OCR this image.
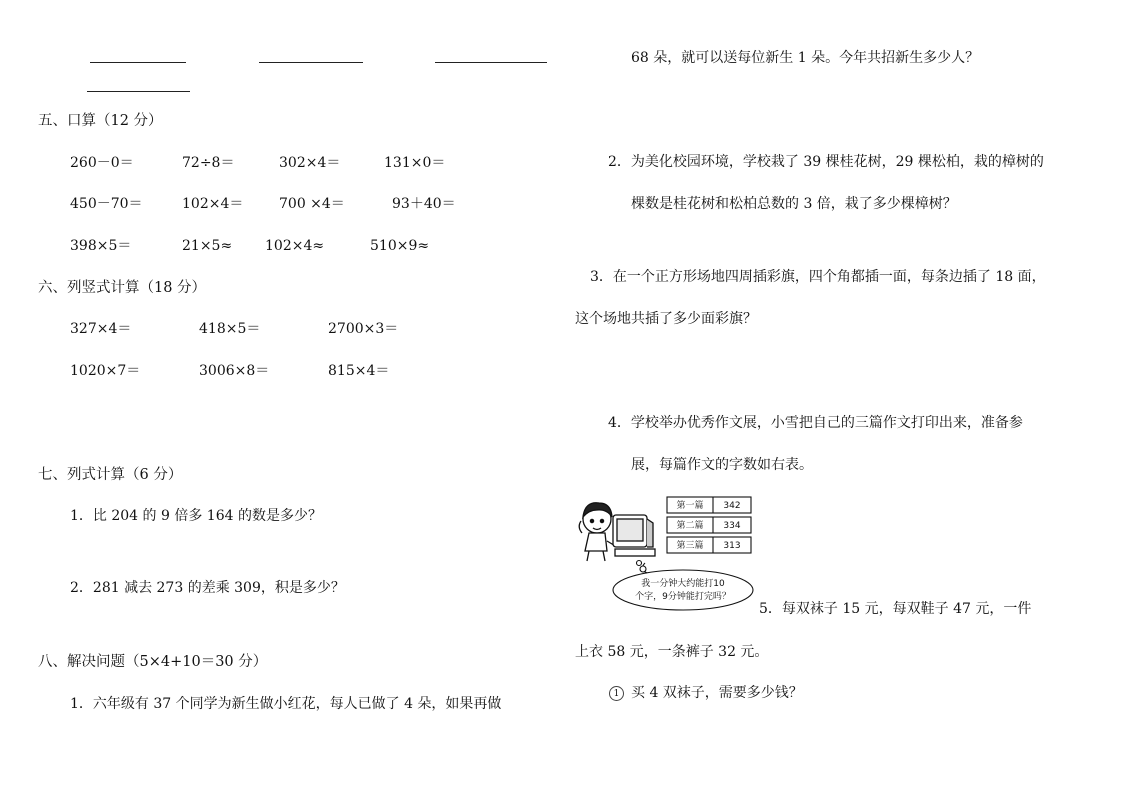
五、口算（12 分）
260－0＝	72÷8＝	302×4＝	131×0＝
450－70＝	102×4＝	700 ×4＝	93＋40＝
398×5＝	21×5≈ 102×4≈	510×9≈
六、列竖式计算（18 分）
327×4＝	418×5＝	2700×3＝
1020×7＝	3006×8＝	815×4＝
七、列式计算（6 分）
1．比 204 的 9 倍多 164 的数是多少？
2．281 减去 273 的差乘 309，积是多少？
八、解决问题（5×4+10＝30 分）
1．六年级有 37 个同学为新生做小红花，每人已做了 4 朵，如果再做
68 朵，就可以送每位新生 1 朵。今年共招新生多少人？
2．为美化校园环境，学校栽了 39 棵桂花树，29 棵松柏，栽的樟树的
棵数是桂花树和松柏总数的 3 倍，栽了多少棵樟树？
3．在一个正方形场地四周插彩旗，四个角都插一面，每条边插了 18 面，
这个场地共插了多少面彩旗？
4．学校举办优秀作文展，小雪把自己的三篇作文打印出来，准备参
展，每篇作文的字数如右表。
第一篇 342
第二篇 334
第三篇 313
我一分钟大约能打10
个字，9分钟能打完吗？
5．每双袜子 15 元，每双鞋子 47 元，一件
上衣 58 元，一条裤子 32 元。
1 买 4 双袜子，需要多少钱？
